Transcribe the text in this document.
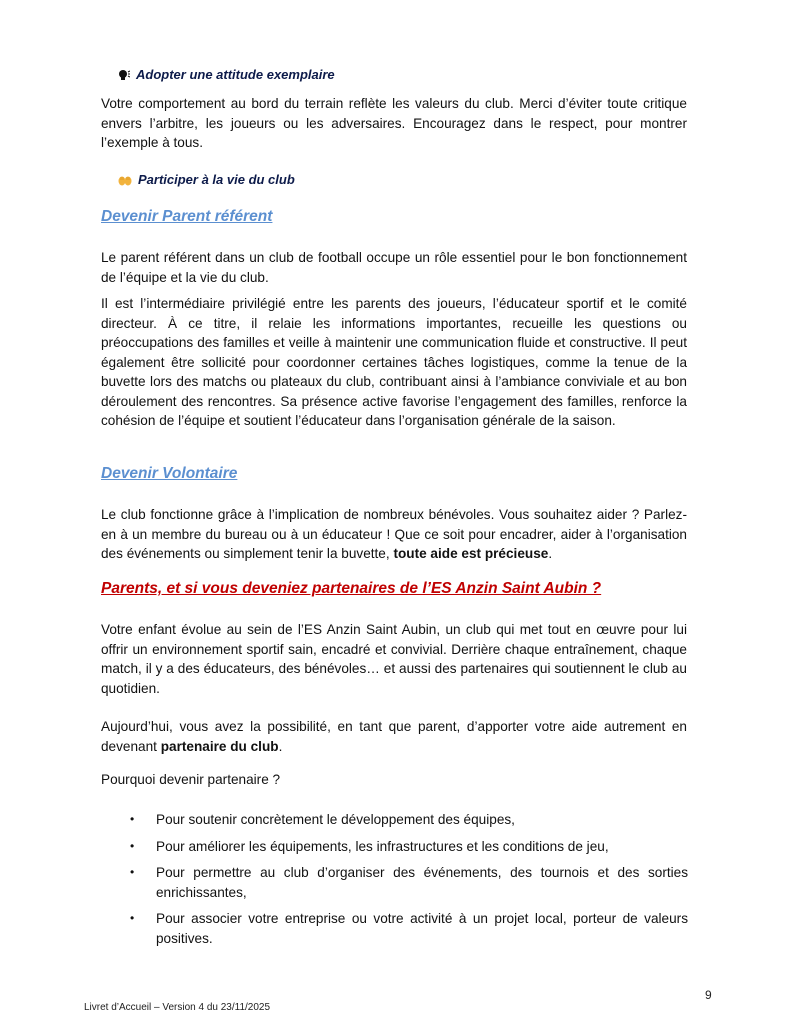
Adopter une attitude exemplaire
Votre comportement au bord du terrain reflète les valeurs du club. Merci d’éviter toute critique envers l’arbitre, les joueurs ou les adversaires. Encouragez dans le respect, pour montrer l’exemple à tous.
Participer à la vie du club
Devenir Parent référent
Le parent référent dans un club de football occupe un rôle essentiel pour le bon fonctionnement de l’équipe et la vie du club.
Il est l’intermédiaire privilégié entre les parents des joueurs, l’éducateur sportif et le comité directeur. À ce titre, il relaie les informations importantes, recueille les questions ou préoccupations des familles et veille à maintenir une communication fluide et constructive. Il peut également être sollicité pour coordonner certaines tâches logistiques, comme la tenue de la buvette lors des matchs ou plateaux du club, contribuant ainsi à l’ambiance conviviale et au bon déroulement des rencontres. Sa présence active favorise l’engagement des familles, renforce la cohésion de l’équipe et soutient l’éducateur dans l’organisation générale de la saison.
Devenir Volontaire
Le club fonctionne grâce à l’implication de nombreux bénévoles. Vous souhaitez aider ? Parlez-en à un membre du bureau ou à un éducateur ! Que ce soit pour encadrer, aider à l’organisation des événements ou simplement tenir la buvette, toute aide est précieuse.
Parents, et si vous deveniez partenaires de l’ES Anzin Saint Aubin ?
Votre enfant évolue au sein de l’ES Anzin Saint Aubin, un club qui met tout en œuvre pour lui offrir un environnement sportif sain, encadré et convivial. Derrière chaque entraînement, chaque match, il y a des éducateurs, des bénévoles… et aussi des partenaires qui soutiennent le club au quotidien.
Aujourd’hui, vous avez la possibilité, en tant que parent, d’apporter votre aide autrement en devenant partenaire du club.
Pourquoi devenir partenaire ?
• Pour soutenir concrètement le développement des équipes,
• Pour améliorer les équipements, les infrastructures et les conditions de jeu,
• Pour permettre au club d’organiser des événements, des tournois et des sorties enrichissantes,
• Pour associer votre entreprise ou votre activité à un projet local, porteur de valeurs positives.
9
Livret d’Accueil – Version 4 du 23/11/2025
